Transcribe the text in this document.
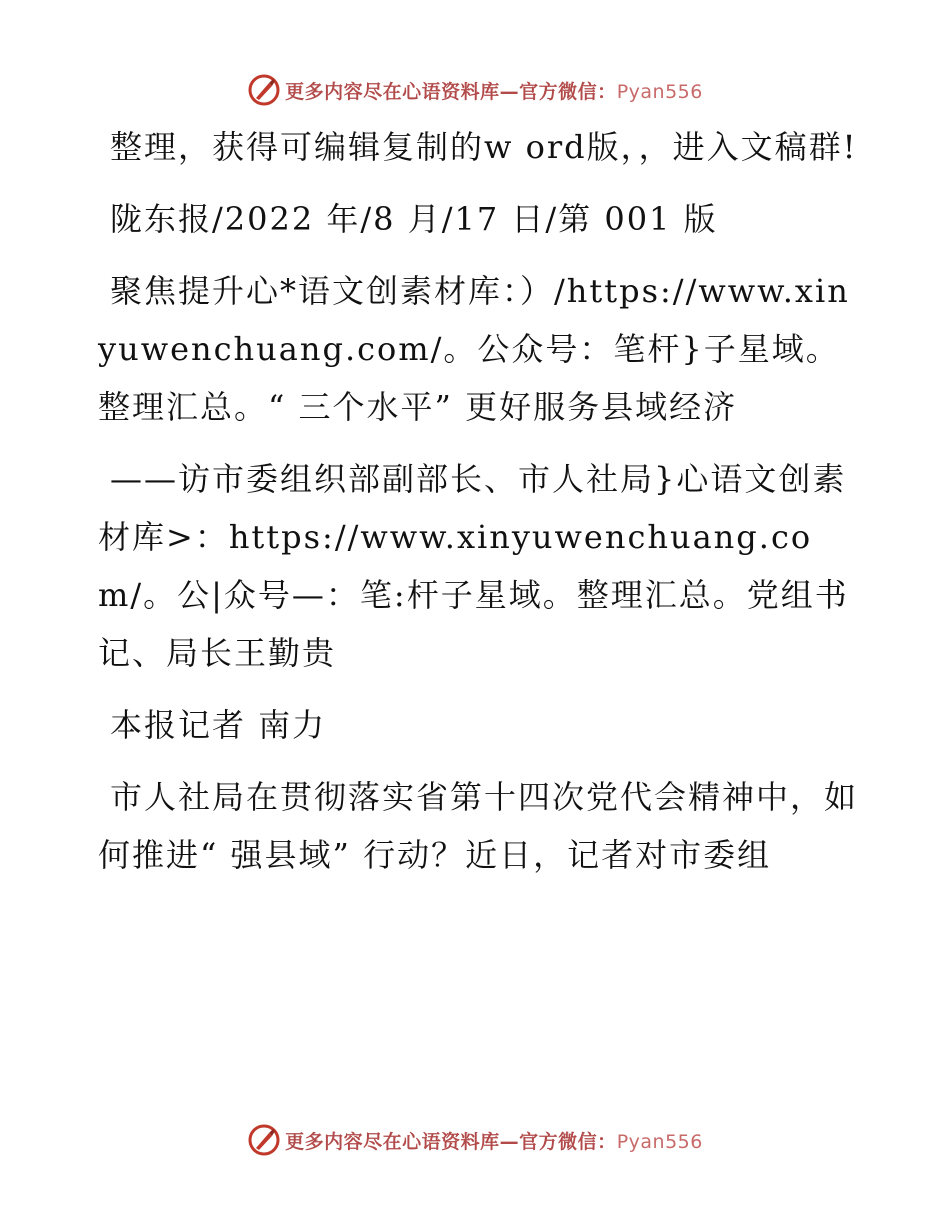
更多内容尽在心语资料库—官方微信：Pyan556

整理，获得可编辑复制的w ord版，，进入文稿群!

陇东报/2022 年/8 月/17 日/第 001 版

聚焦提升心*语文创素材库：）/https://www.xinyuwenchuang.com/。公众号：笔杆}子星域。整理汇总。“ 三个水平” 更好服务县域经济

——访市委组织部副部长、市人社局}心语文创素材库>：https://www.xinyuwenchuang.com/。公|众号—：笔:杆子星域。整理汇总。党组书记、局长王勤贵

本报记者 南力

市人社局在贯彻落实省第十四次党代会精神中，如何推进“ 强县域” 行动？近日，记者对市委组

更多内容尽在心语资料库—官方微信：Pyan556
